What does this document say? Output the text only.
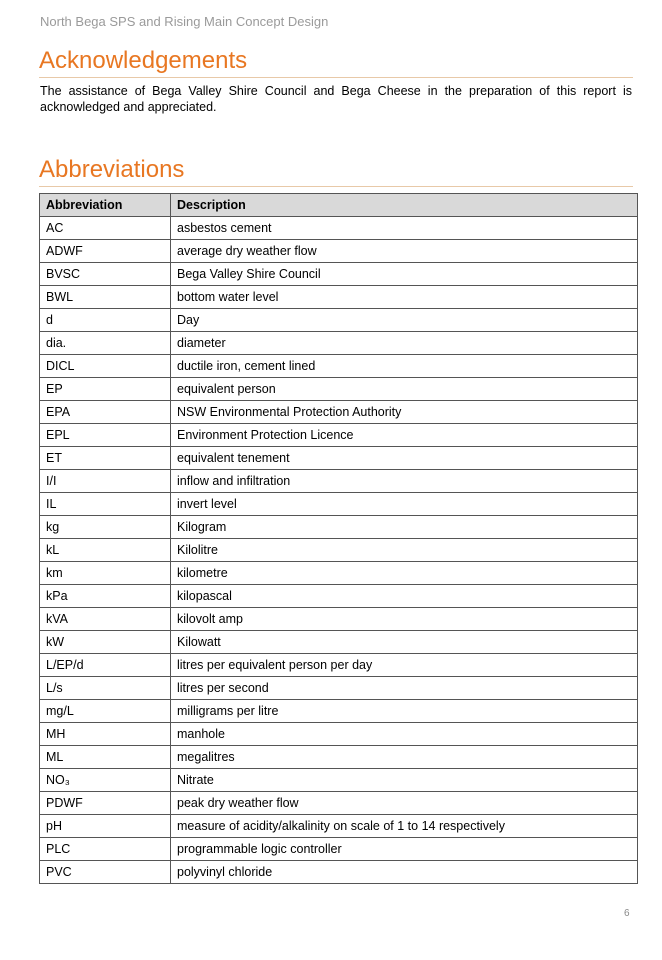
North Bega SPS and Rising Main Concept Design
Acknowledgements

The assistance of Bega Valley Shire Council and Bega Cheese in the preparation of this report is acknowledged and appreciated.

Abbreviations
Abbreviation	Description
AC	asbestos cement
ADWF	average dry weather flow
BVSC	Bega Valley Shire Council
BWL	bottom water level
d	Day
dia.	diameter
DICL	ductile iron, cement lined
EP	equivalent person
EPA	NSW Environmental Protection Authority
EPL	Environment Protection Licence
ET	equivalent tenement
I/I	inflow and infiltration
IL	invert level
kg	Kilogram
kL	Kilolitre
km	kilometre
kPa	kilopascal
kVA	kilovolt amp
kW	Kilowatt
L/EP/d	litres per equivalent person per day
L/s	litres per second
mg/L	milligrams per litre
MH	manhole
ML	megalitres
NO₃	Nitrate
PDWF	peak dry weather flow
pH	measure of acidity/alkalinity on scale of 1 to 14 respectively
PLC	programmable logic controller
PVC	polyvinyl chloride
6
